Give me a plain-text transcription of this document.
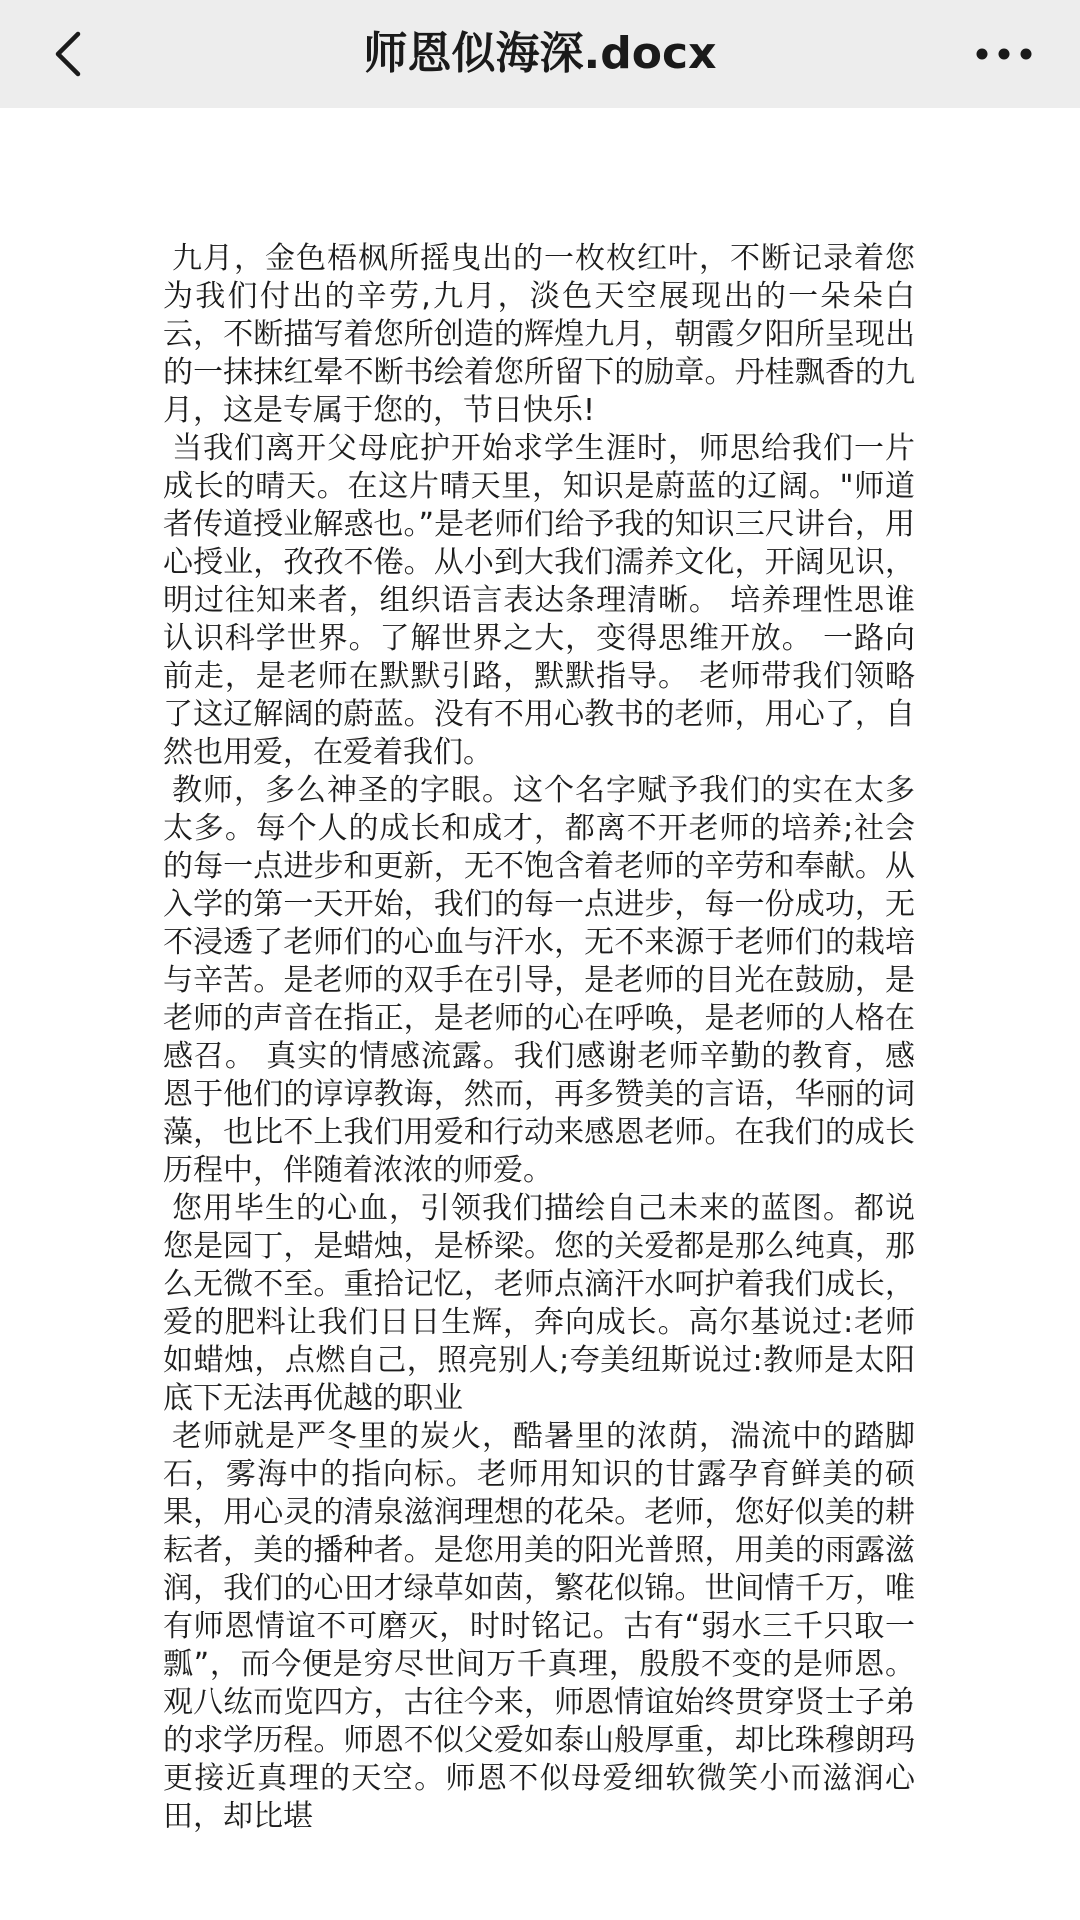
师恩似海深.docx

九月，金色梧枫所摇曳出的一枚枚红叶，不断记录着您为我们付出的辛劳,九月，淡色天空展现出的一朵朵白云，不断描写着您所创造的辉煌九月，朝霞夕阳所呈现出的一抹抹红晕不断书绘着您所留下的励章。丹桂飘香的九月，这是专属于您的，节日快乐!

当我们离开父母庇护开始求学生涯时，师思给我们一片成长的晴天。在这片晴天里，知识是蔚蓝的辽阔。"师道者传道授业解惑也。”是老师们给予我的知识三尺讲台，用心授业，孜孜不倦。从小到大我们濡养文化，开阔见识，明过往知来者，组织语言表达条理清晰。 培养理性思谁 认识科学世界。了解世界之大，变得思维开放。 一路向前走，是老师在默默引路，默默指导。 老师带我们领略了这辽解阔的蔚蓝。没有不用心教书的老师，用心了，自然也用爱，在爱着我们。

教师，多么神圣的字眼。这个名字赋予我们的实在太多太多。每个人的成长和成才，都离不开老师的培养;社会的每一点进步和更新，无不饱含着老师的辛劳和奉献。从入学的第一天开始，我们的每一点进步，每一份成功，无不浸透了老师们的心血与汗水，无不来源于老师们的栽培与辛苦。是老师的双手在引导，是老师的目光在鼓励，是老师的声音在指正，是老师的心在呼唤，是老师的人格在感召。 真实的情感流露。我们感谢老师辛勤的教育，感恩于他们的谆谆教诲，然而，再多赞美的言语，华丽的词藻，也比不上我们用爱和行动来感恩老师。在我们的成长历程中，伴随着浓浓的师爱。

您用毕生的心血，引领我们描绘自己未来的蓝图。都说您是园丁，是蜡烛，是桥梁。您的关爱都是那么纯真，那么无微不至。重拾记忆，老师点滴汗水呵护着我们成长，爱的肥料让我们日日生辉，奔向成长。高尔基说过:老师如蜡烛，点燃自己，照亮别人;夸美纽斯说过:教师是太阳底下无法再优越的职业

老师就是严冬里的炭火，酷暑里的浓荫，湍流中的踏脚石，雾海中的指向标。老师用知识的甘露孕育鲜美的硕果，用心灵的清泉滋润理想的花朵。老师，您好似美的耕耘者，美的播种者。是您用美的阳光普照，用美的雨露滋润，我们的心田才绿草如茵，繁花似锦。世间情千万，唯有师恩情谊不可磨灭，时时铭记。古有“弱水三千只取一瓢”，而今便是穷尽世间万千真理，殷殷不变的是师恩。观八纮而览四方，古往今来，师恩情谊始终贯穿贤士子弟的求学历程。师恩不似父爱如泰山般厚重，却比珠穆朗玛更接近真理的天空。师恩不似母爱细软微笑小而滋润心田，却比堪
